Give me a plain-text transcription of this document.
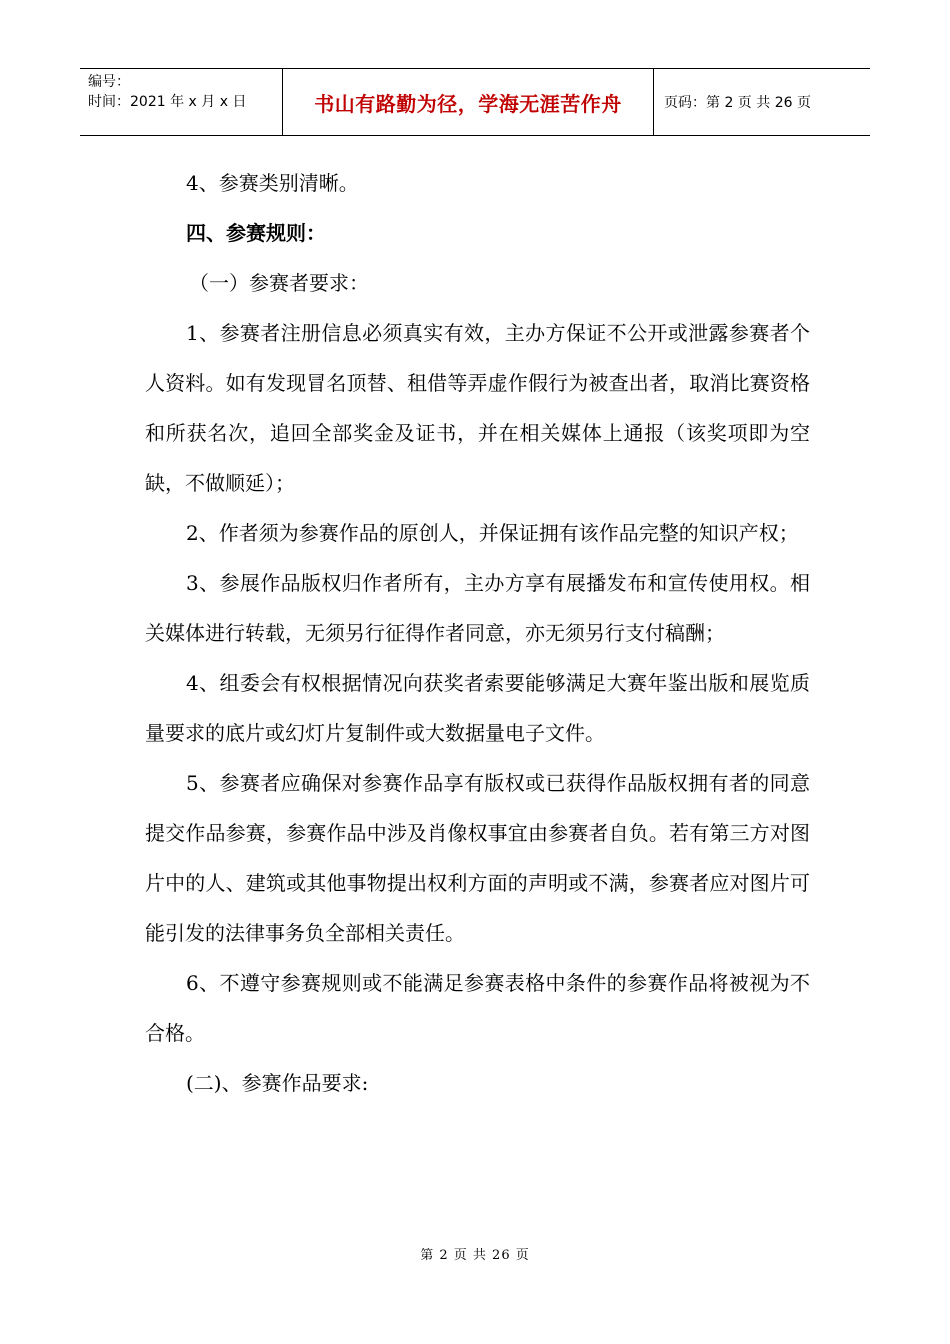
编号：
时间：2021 年 x 月 x 日	书山有路勤为径，学海无涯苦作舟	页码：第 2 页 共 26 页

4、参赛类别清晰。

四、参赛规则：

（一）参赛者要求：

1、参赛者注册信息必须真实有效，主办方保证不公开或泄露参赛者个人资料。如有发现冒名顶替、租借等弄虚作假行为被查出者，取消比赛资格和所获名次，追回全部奖金及证书，并在相关媒体上通报（该奖项即为空缺，不做顺延）；

2、作者须为参赛作品的原创人，并保证拥有该作品完整的知识产权；

3、参展作品版权归作者所有，主办方享有展播发布和宣传使用权。相关媒体进行转载，无须另行征得作者同意，亦无须另行支付稿酬；

4、组委会有权根据情况向获奖者索要能够满足大赛年鉴出版和展览质量要求的底片或幻灯片复制件或大数据量电子文件。

5、参赛者应确保对参赛作品享有版权或已获得作品版权拥有者的同意提交作品参赛，参赛作品中涉及肖像权事宜由参赛者自负。若有第三方对图片中的人、建筑或其他事物提出权利方面的声明或不满，参赛者应对图片可能引发的法律事务负全部相关责任。

6、不遵守参赛规则或不能满足参赛表格中条件的参赛作品将被视为不合格。

(二)、参赛作品要求:

第 2 页 共 26 页
